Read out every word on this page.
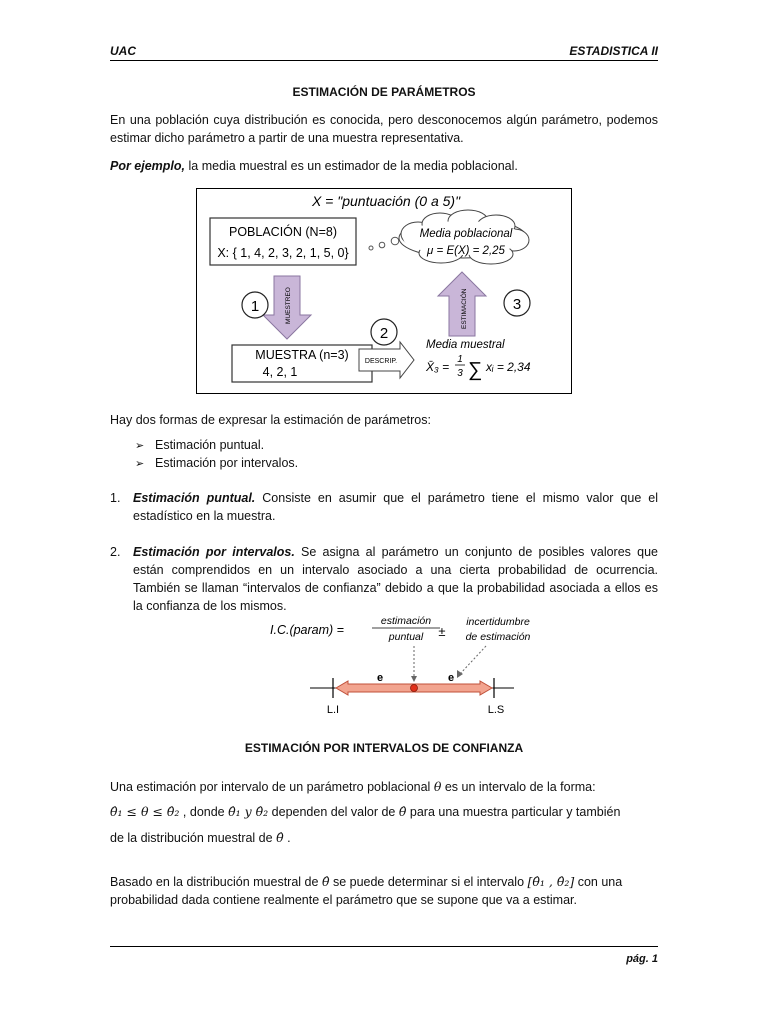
UAC	ESTADISTICA II
ESTIMACIÓN DE PARÁMETROS
En una población cuya distribución es conocida, pero desconocemos algún parámetro, podemos estimar dicho parámetro a partir de una muestra representativa.
Por ejemplo, la media muestral es un estimador de la media poblacional.
X = "puntuación (0 a 5)"
POBLACIÓN (N=8)
X: { 1, 4, 2, 3, 2, 1, 5, 0}
Media poblacional
μ = E(X) = 2,25
MUESTREO
1
MUESTRA (n=3)
4, 2, 1
2
DESCRIP.
ESTIMACIÓN	3
Media muestral
X̄₃ =
1
3 ∑ xᵢ = 2,34
Hay dos formas de expresar la estimación de parámetros:
➢ Estimación puntual.
➢ Estimación por intervalos.
1. Estimación puntual. Consiste en asumir que el parámetro tiene el mismo valor que el estadístico en la muestra.
2. Estimación por intervalos. Se asigna al parámetro un conjunto de posibles valores que están comprendidos en un intervalo asociado a una cierta probabilidad de ocurrencia. También se llaman “intervalos de confianza” debido a que la probabilidad asociada a ellos es la confianza de los mismos.
I.C.(param) =
estimación
puntual ±
incertidumbre
de estimación
e	e
L.I	L.S
ESTIMACIÓN POR INTERVALOS DE CONFIANZA
Una estimación por intervalo de un parámetro poblacional θ es un intervalo de la forma:
θ̂₁ ≤ θ ≤ θ̂₂ , donde θ̂₁ y θ̂₂ dependen del valor de θ̂ para una muestra particular y también
de la distribución muestral de θ̂ .
Basado en la distribución muestral de θ̂ se puede determinar si el intervalo [θ̂₁ , θ̂₂] con una
probabilidad dada contiene realmente el parámetro que se supone que va a estimar.
pág. 1
